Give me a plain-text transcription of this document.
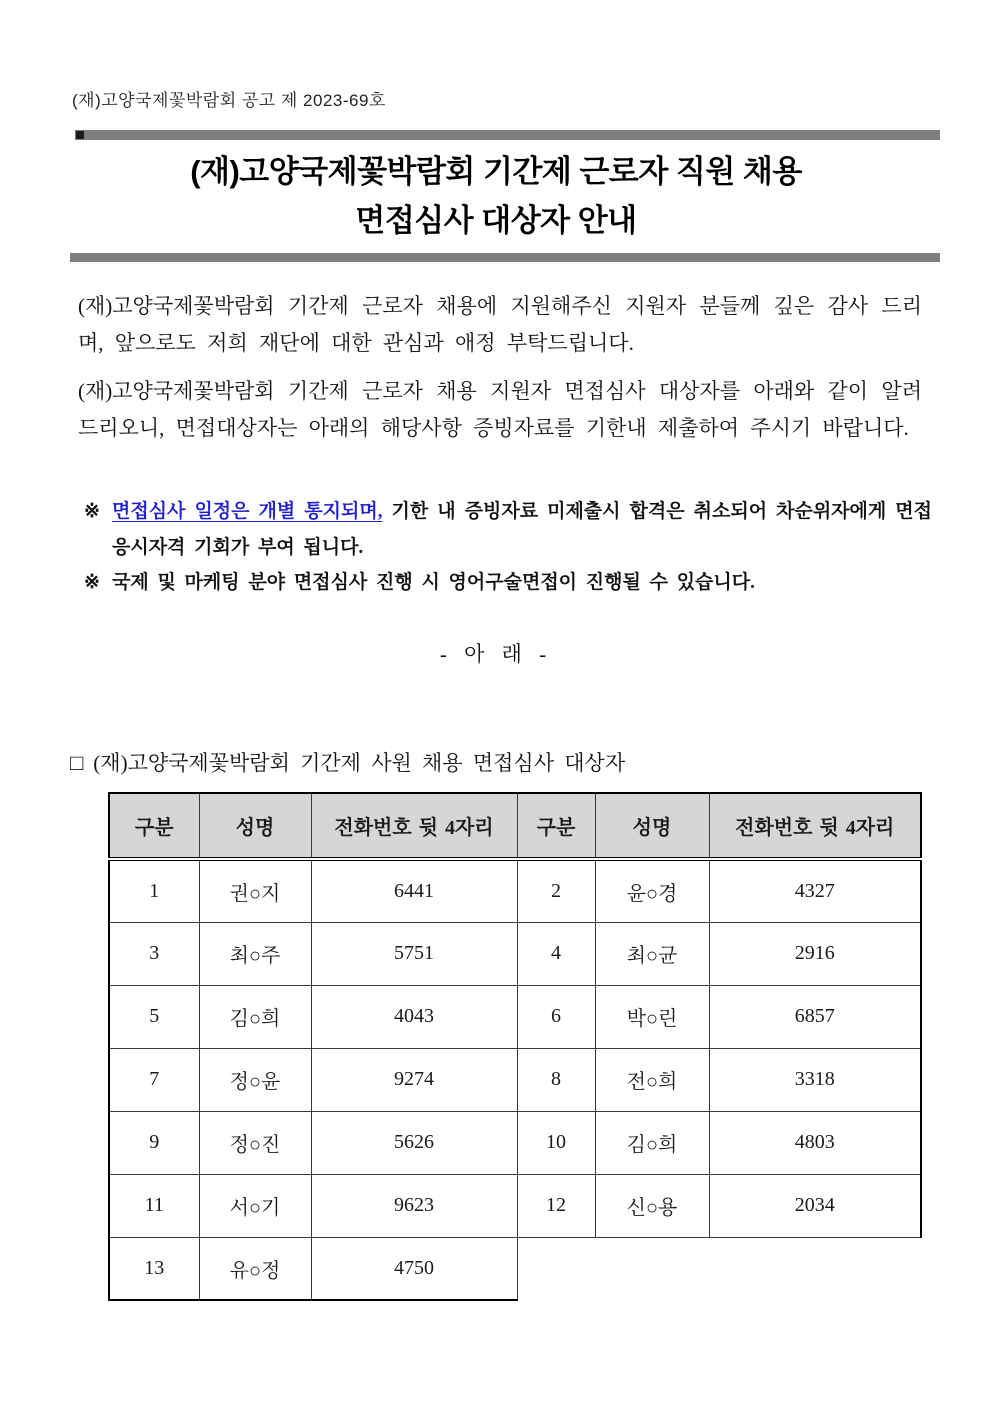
(재)고양국제꽃박람회 공고 제 2023-69호
(재)고양국제꽃박람회 기간제 근로자 직원 채용
면접심사 대상자 안내

(재)고양국제꽃박람회 기간제 근로자 채용에 지원해주신 지원자 분들께 깊은 감사 드리며, 앞으로도 저희 재단에 대한 관심과 애정 부탁드립니다.

(재)고양국제꽃박람회 기간제 근로자 채용 지원자 면접심사 대상자를 아래와 같이 알려드리오니, 면접대상자는 아래의 해당사항 증빙자료를 기한내 제출하여 주시기 바랍니다.

※ 면접심사 일정은 개별 통지되며, 기한 내 증빙자료 미제출시 합격은 취소되어 차순위자에게 면접 응시자격 기회가 부여 됩니다.
※ 국제 및 마케팅 분야 면접심사 진행 시 영어구술면접이 진행될 수 있습니다.
- 아 래 -
□ (재)고양국제꽃박람회 기간제 사원 채용 면접심사 대상자
구분	성명	전화번호 뒷 4자리	구분	성명	전화번호 뒷 4자리
1	권○지	6441	2	윤○경	4327
3	최○주	5751	4	최○균	2916
5	김○희	4043	6	박○린	6857
7	정○윤	9274	8	전○희	3318
9	정○진	5626	10	김○희	4803
11	서○기	9623	12	신○용	2034
13	유○정	4750			
